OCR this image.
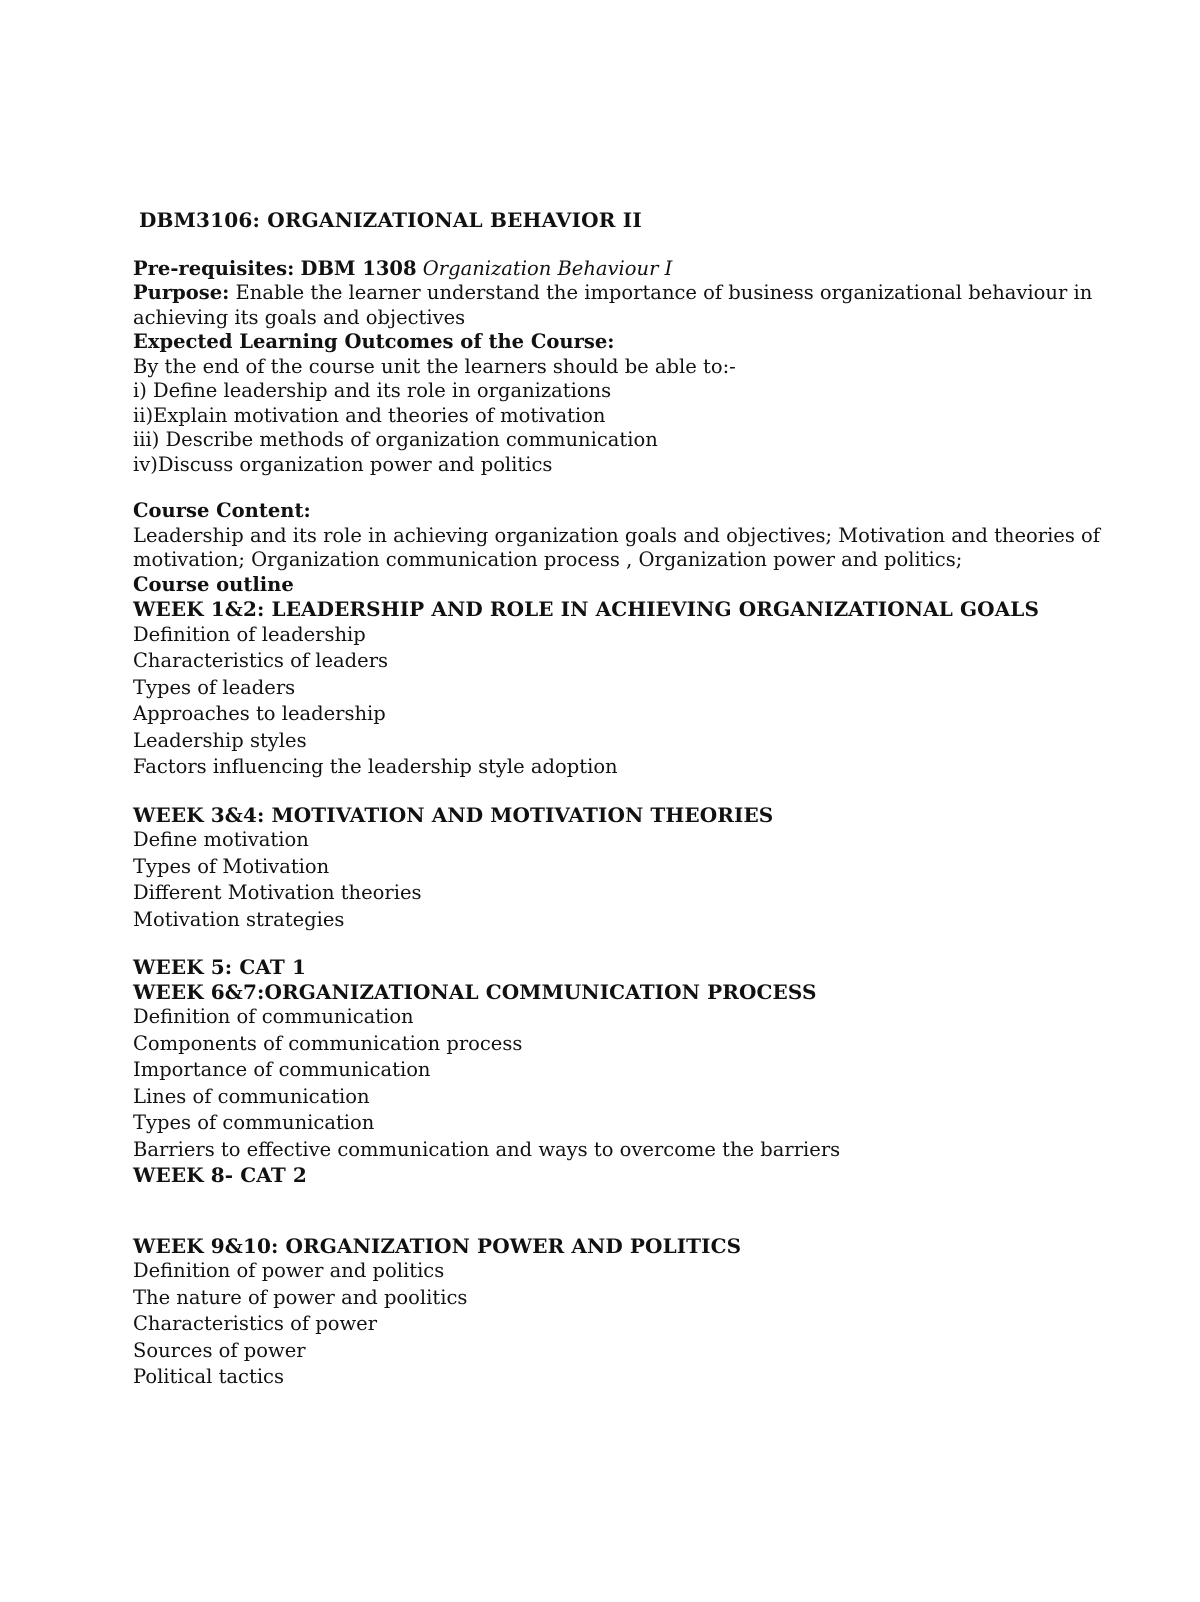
DBM3106: ORGANIZATIONAL BEHAVIOR II
Pre-requisites: DBM 1308 Organization Behaviour I
Purpose: Enable the learner understand the importance of business organizational behaviour in achieving its goals and objectives
Expected Learning Outcomes of the Course:
By the end of the course unit the learners should be able to:-
i) Define leadership and its role in organizations
ii)Explain motivation and theories of motivation
iii) Describe methods of organization communication
iv)Discuss organization power and politics
Course Content:
Leadership and its role in achieving organization goals and objectives; Motivation and theories of motivation; Organization communication process , Organization power and politics;
Course outline
WEEK 1&2: LEADERSHIP AND ROLE IN ACHIEVING ORGANIZATIONAL GOALS
Definition of leadership
Characteristics of leaders
Types of leaders
Approaches to leadership
Leadership styles
Factors influencing the leadership style adoption
WEEK 3&4: MOTIVATION AND MOTIVATION THEORIES
Define motivation
Types of Motivation
Different Motivation theories
Motivation strategies
WEEK 5: CAT 1
WEEK 6&7:ORGANIZATIONAL COMMUNICATION PROCESS
Definition of communication
Components of communication process
Importance of communication
Lines of communication
Types of communication
Barriers to effective communication and ways to overcome the barriers
WEEK 8- CAT 2
WEEK 9&10: ORGANIZATION POWER AND POLITICS
Definition of power and politics
The nature of power and poolitics
Characteristics of power
Sources of power
Political tactics
